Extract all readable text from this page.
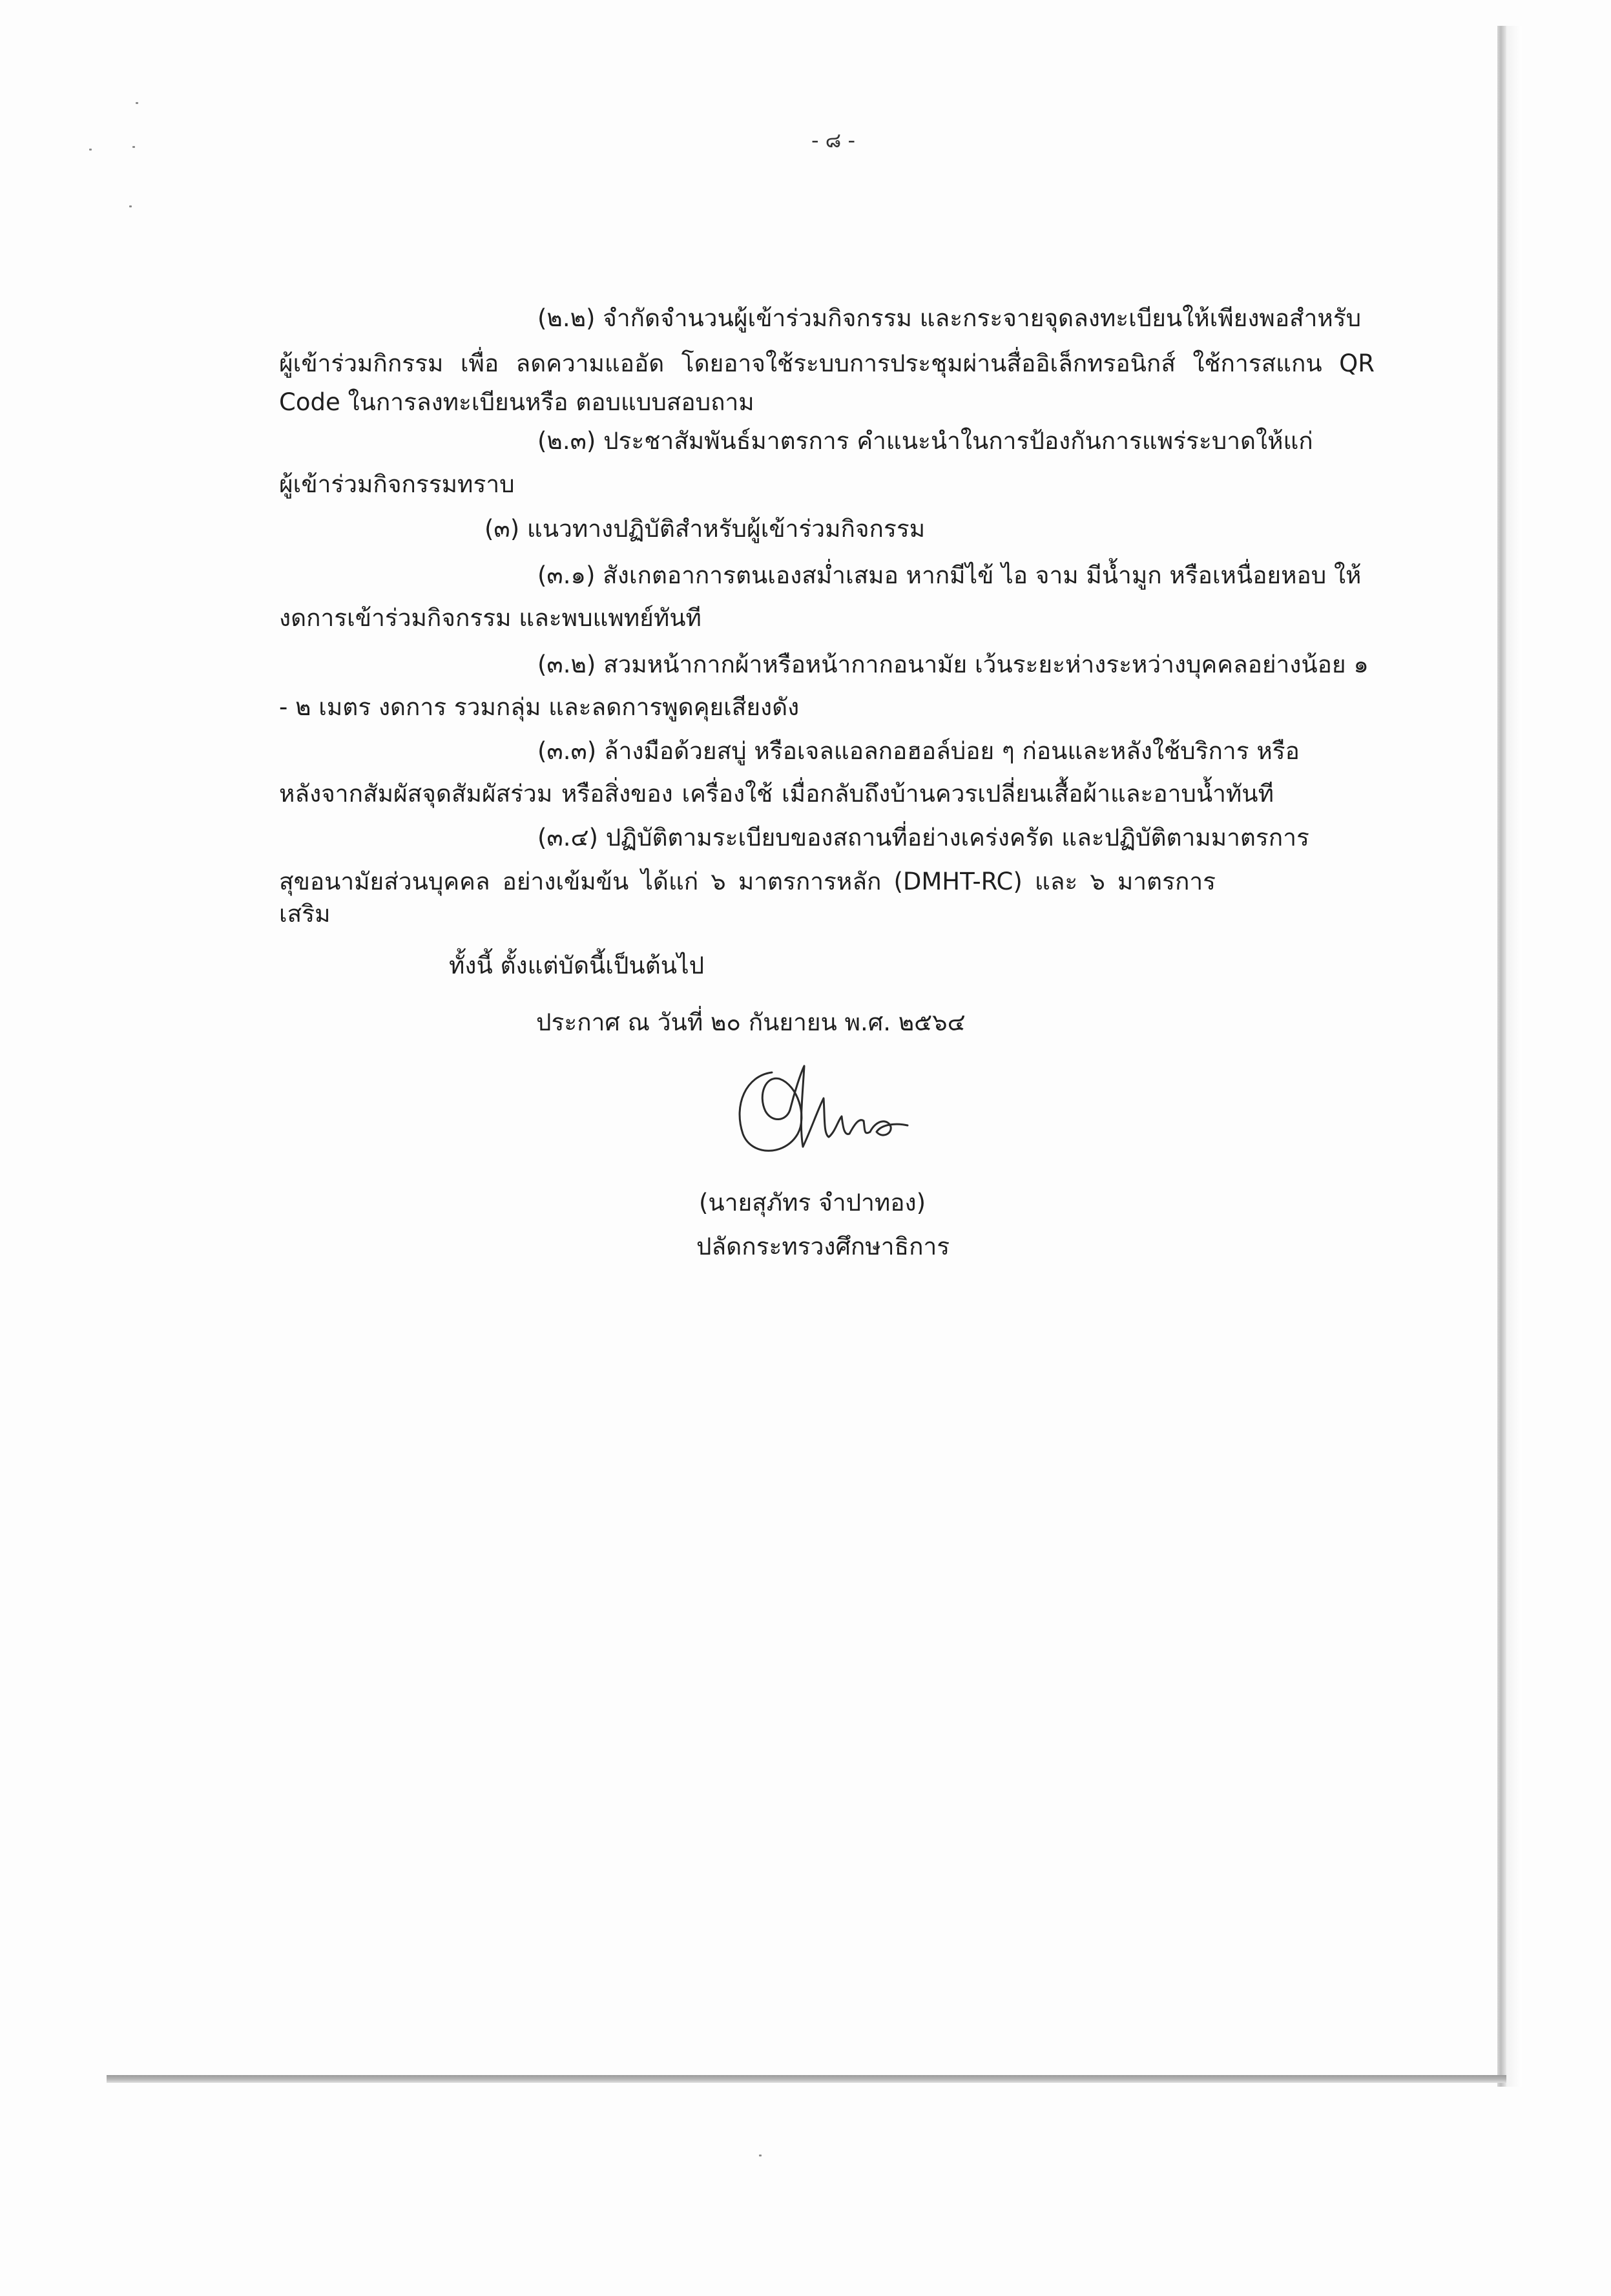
- ๘ -
(๒.๒) จำกัดจำนวนผู้เข้าร่วมกิจกรรม และกระจายจุดลงทะเบียนให้เพียงพอสำหรับ
ผู้เข้าร่วมกิกรรม เพื่อ ลดความแออัด โดยอาจใช้ระบบการประชุมผ่านสื่ออิเล็กทรอนิกส์ ใช้การสแกน QR
Code ในการลงทะเบียนหรือ ตอบแบบสอบถาม
(๒.๓) ประชาสัมพันธ์มาตรการ คำแนะนำในการป้องกันการแพร่ระบาดให้แก่
ผู้เข้าร่วมกิจกรรมทราบ
(๓) แนวทางปฏิบัติสำหรับผู้เข้าร่วมกิจกรรม
(๓.๑) สังเกตอาการตนเองสม่ำเสมอ หากมีไข้ ไอ จาม มีน้ำมูก หรือเหนื่อยหอบ ให้
งดการเข้าร่วมกิจกรรม และพบแพทย์ทันที
(๓.๒) สวมหน้ากากผ้าหรือหน้ากากอนามัย เว้นระยะห่างระหว่างบุคคลอย่างน้อย ๑
- ๒ เมตร งดการ รวมกลุ่ม และลดการพูดคุยเสียงดัง
(๓.๓) ล้างมือด้วยสบู่ หรือเจลแอลกอฮอล์บ่อย ๆ ก่อนและหลังใช้บริการ หรือ
หลังจากสัมผัสจุดสัมผัสร่วม หรือสิ่งของ เครื่องใช้ เมื่อกลับถึงบ้านควรเปลี่ยนเสื้อผ้าและอาบน้ำทันที
(๓.๔) ปฏิบัติตามระเบียบของสถานที่อย่างเคร่งครัด และปฏิบัติตามมาตรการ
สุขอนามัยส่วนบุคคล อย่างเข้มข้น ได้แก่ ๖ มาตรการหลัก (DMHT-RC) และ ๖ มาตรการเสริม
ทั้งนี้ ตั้งแต่บัดนี้เป็นต้นไป
ประกาศ ณ วันที่ ๒๐ กันยายน พ.ศ. ๒๕๖๔
(นายสุภัทร จำปาทอง)
ปลัดกระทรวงศึกษาธิการ
